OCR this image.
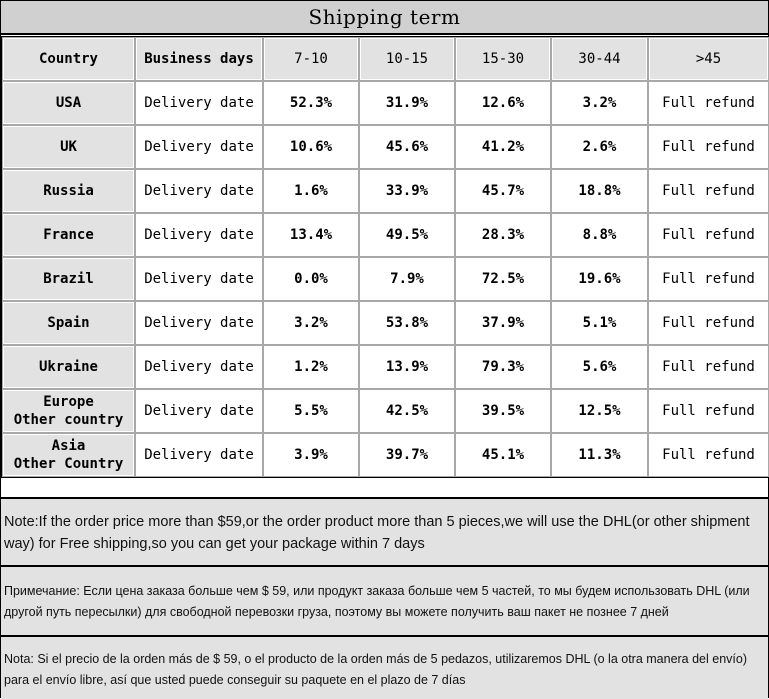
Shipping term
Country	Business days	7-10	10-15	15-30	30-44	>45

USA	Delivery date	52.3%	31.9%	12.6%	3.2%	Full refund

UK	Delivery date	10.6%	45.6%	41.2%	2.6%	Full refund

Russia	Delivery date	1.6%	33.9%	45.7%	18.8%	Full refund

France	Delivery date	13.4%	49.5%	28.3%	8.8%	Full refund

Brazil	Delivery date	0.0%	7.9%	72.5%	19.6%	Full refund

Spain	Delivery date	3.2%	53.8%	37.9%	5.1%	Full refund

Ukraine	Delivery date	1.2%	13.9%	79.3%	5.6%	Full refund

Europe
Other country	Delivery date	5.5%	42.5%	39.5%	12.5%	Full refund

Asia
Other Country	Delivery date	3.9%	39.7%	45.1%	11.3%	Full refund
Note:If the order price more than $59,or the order product more than 5 pieces,we will use the DHL(or other shipment way) for Free shipping,so you can get your package within 7 days
Примечание: Если цена заказа больше чем $ 59, или продукт заказа больше чем 5 частей, то мы будем использовать DHL (или другой путь пересылки) для свободной перевозки груза, поэтому вы можете получить ваш пакет не познее 7 дней
Nota: Si el precio de la orden más de $ 59, o el producto de la orden más de 5 pedazos, utilizaremos DHL (o la otra manera del envío) para el envío libre, así que usted puede conseguir su paquete en el plazo de 7 días
